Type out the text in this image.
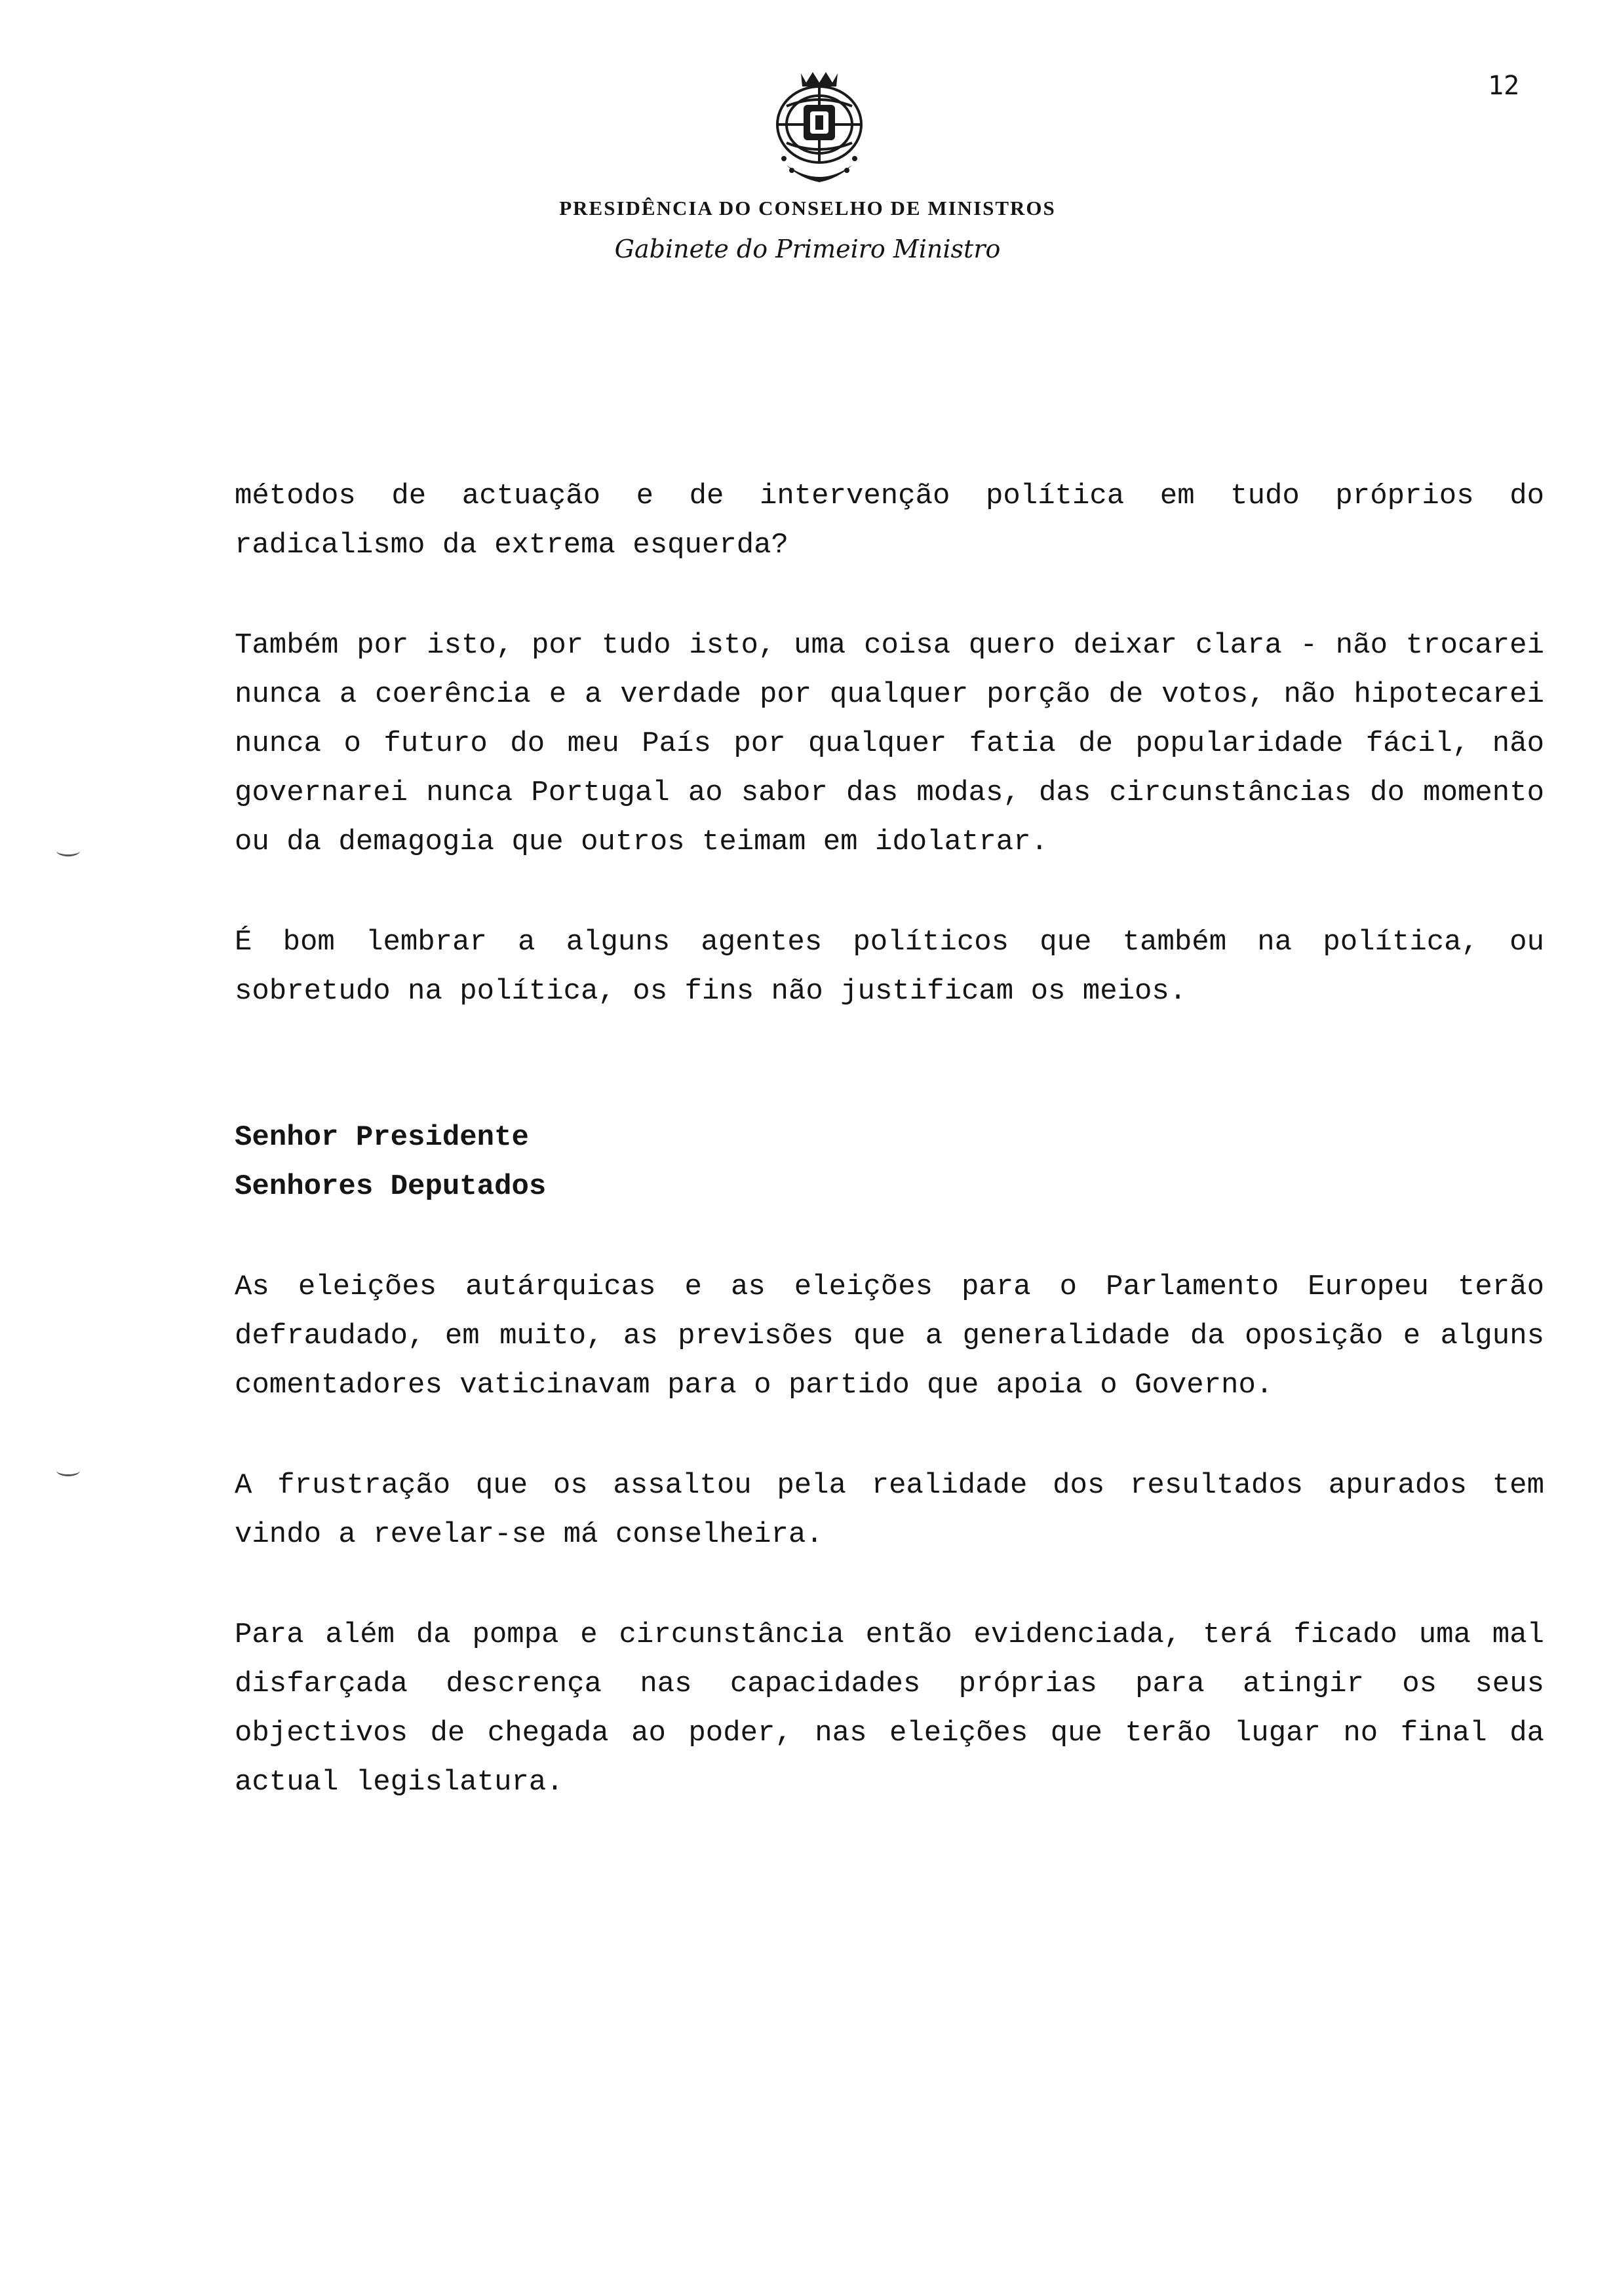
12
PRESIDÊNCIA DO CONSELHO DE MINISTROS
Gabinete do Primeiro Ministro

métodos de actuação e de intervenção política em tudo próprios do radicalismo da extrema esquerda?

Também por isto, por tudo isto, uma coisa quero deixar clara - não trocarei nunca a coerência e a verdade por qualquer porção de votos, não hipotecarei nunca o futuro do meu País por qualquer fatia de popularidade fácil, não governarei nunca Portugal ao sabor das modas, das circunstâncias do momento ou da demagogia que outros teimam em idolatrar.

É bom lembrar a alguns agentes políticos que também na política, ou sobretudo na política, os fins não justificam os meios.

Senhor Presidente
Senhores Deputados

As eleições autárquicas e as eleições para o Parlamento Europeu terão defraudado, em muito, as previsões que a generalidade da oposição e alguns comentadores vaticinavam para o partido que apoia o Governo.

A frustração que os assaltou pela realidade dos resultados apurados tem vindo a revelar-se má conselheira.

Para além da pompa e circunstância então evidenciada, terá ficado uma mal disfarçada descrença nas capacidades próprias para atingir os seus objectivos de chegada ao poder, nas eleições que terão lugar no final da actual legislatura.
